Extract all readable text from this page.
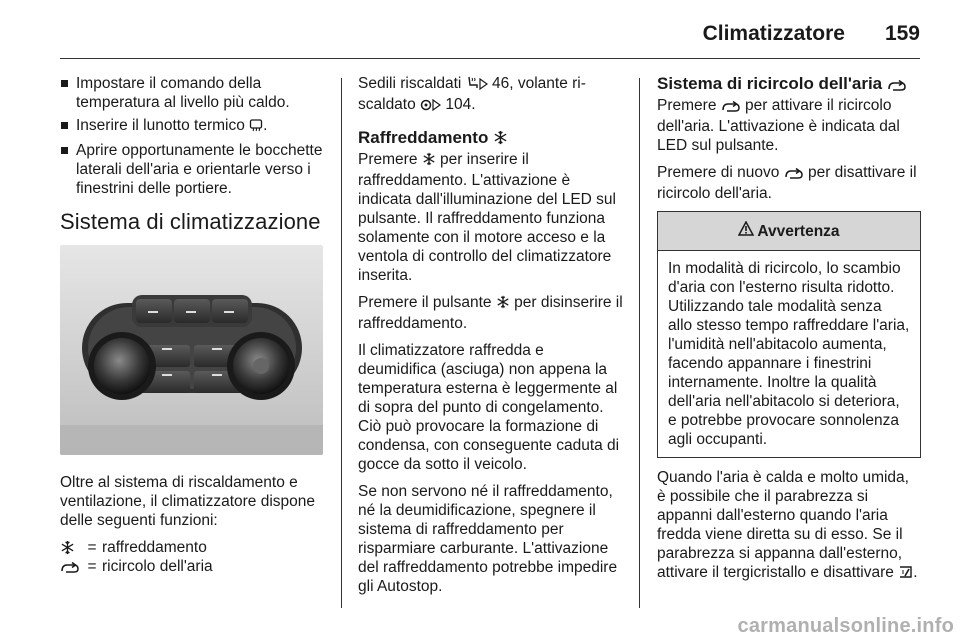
Climatizzatore 159
Impostare il comando della temperatura al livello più caldo.
Inserire il lunotto termico .
Aprire opportunamente le bocchette laterali dell'aria e orientarle verso i finestrini delle portiere.
Sistema di climatizzazione

Oltre al sistema di riscaldamento e ventilazione, il climatizzatore dispone delle seguenti funzioni:

= raffreddamento
= ricircolo dell'aria

Sedili riscaldati  46, volante ri-
scaldato  104.

Raffreddamento

Premere  per inserire il raffreddamento. L'attivazione è indicata dall'illuminazione del LED sul pulsante. Il raffreddamento funziona solamente con il motore acceso e la ventola di controllo del climatizzatore inserita.

Premere il pulsante  per disinserire il raffreddamento.

Il climatizzatore raffredda e deumidifica (asciuga) non appena la temperatura esterna è leggermente al di sopra del punto di congelamento. Ciò può provocare la formazione di condensa, con conseguente caduta di gocce da sotto il veicolo.

Se non servono né il raffreddamento, né la deumidificazione, spegnere il sistema di raffreddamento per risparmiare carburante. L'attivazione del raffreddamento potrebbe impedire gli Autostop.

Sistema di ricircolo dell'aria

Premere  per attivare il ricircolo dell'aria. L'attivazione è indicata dal LED sul pulsante.

Premere di nuovo  per disattivare il ricircolo dell'aria.

Avvertenza
In modalità di ricircolo, lo scambio d'aria con l'esterno risulta ridotto. Utilizzando tale modalità senza allo stesso tempo raffreddare l'aria, l'umidità nell'abitacolo aumenta, facendo appannare i finestrini internamente. Inoltre la qualità dell'aria nell'abitacolo si deteriora, e potrebbe provocare sonnolenza agli occupanti.

Quando l'aria è calda e molto umida, è possibile che il parabrezza si appanni dall'esterno quando l'aria fredda viene diretta su di esso. Se il parabrezza si appanna dall'esterno, attivare il tergicristallo e disattivare .

carmanualsonline.info
